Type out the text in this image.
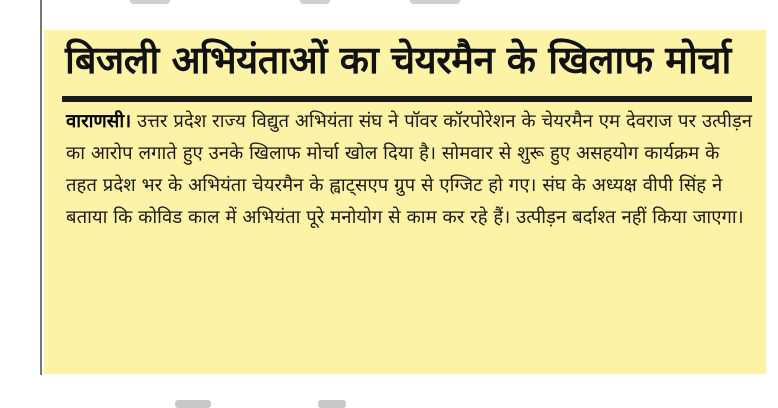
बिजली अभियंताओं का चेयरमैन के खिलाफ मोर्चा

वाराणसी। उत्तर प्रदेश राज्य विद्युत अभियंता संघ ने पॉवर कॉरपोरेशन के चेयरमैन एम देवराज पर उत्पीड़न का आरोप लगाते हुए उनके खिलाफ मोर्चा खोल दिया है। सोमवार से शुरू हुए असहयोग कार्यक्रम के तहत प्रदेश भर के अभियंता चेयरमैन के ह्वाट्सएप ग्रुप से एग्जिट हो गए। संघ के अध्यक्ष वीपी सिंह ने बताया कि कोविड काल में अभियंता पूरे मनोयोग से काम कर रहे हैं। उत्पीड़न बर्दाश्त नहीं किया जाएगा।
